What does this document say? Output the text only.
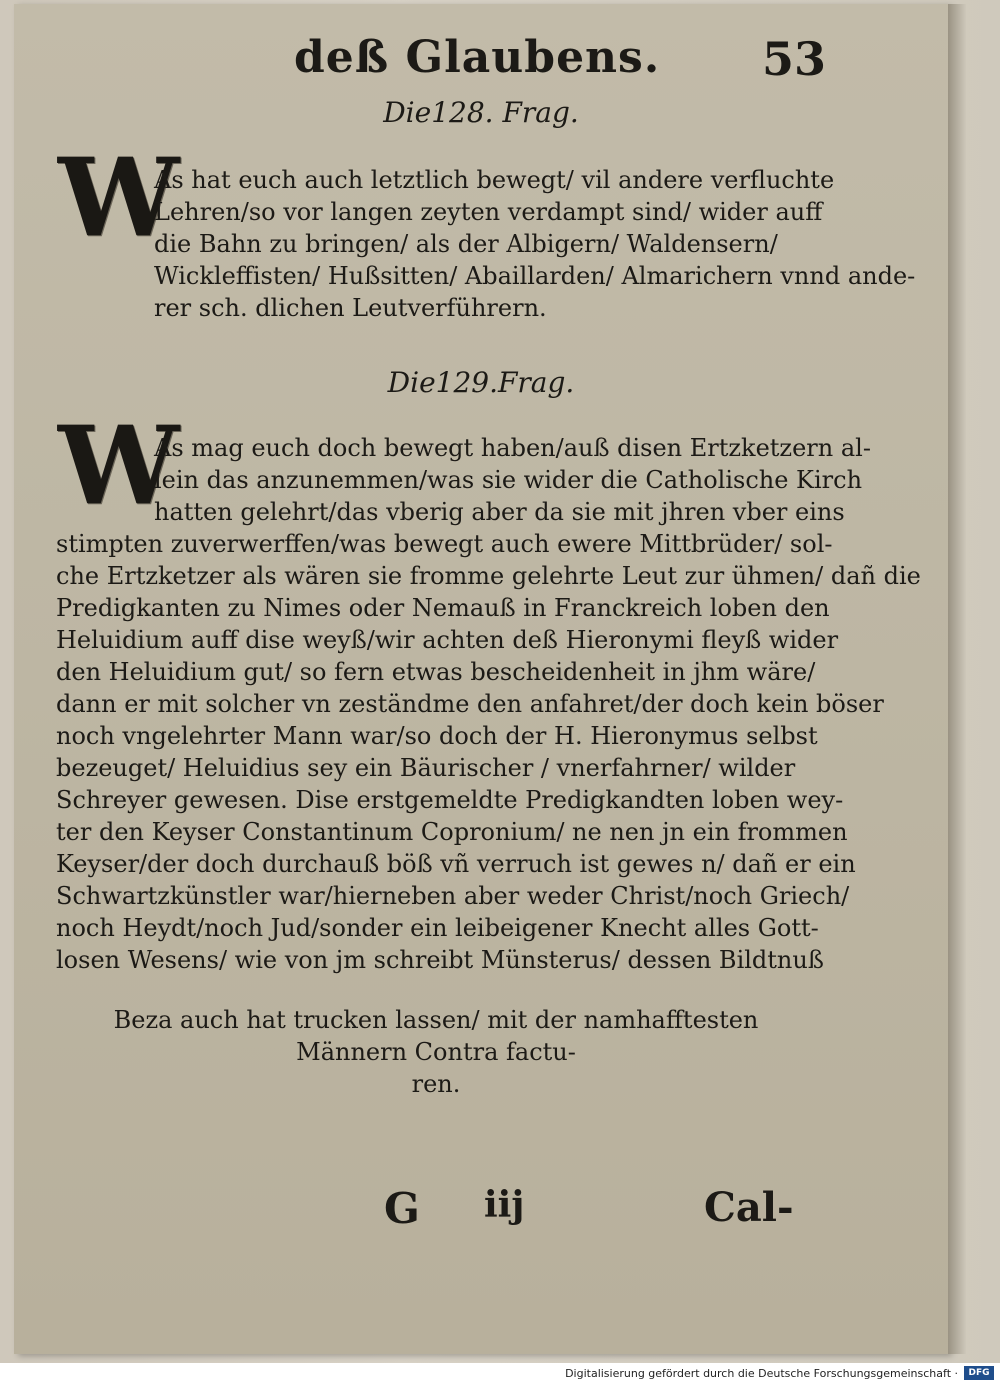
deß Glaubens. 53
Die128. Frag.
W
As hat euch auch letztlich bewegt/ vil andere verfluchte
Lehren/so vor langen zeyten verdampt sind/ wider auff
die Bahn zu bringen/ als der Albigern/ Waldensern/
Wickleffisten/ Hußsitten/ Abaillarden/ Almarichern vnnd ande-
rer sch. dlichen Leutverführern.
Die129.Frag.
W
As mag euch doch bewegt haben/auß disen Ertzketzern al-
lein das anzunemmen/was sie wider die Catholische Kirch
hatten gelehrt/das vberig aber da sie mit jhren vber eins
stimpten zuverwerffen/was bewegt auch ewere Mittbrüder/ sol-
che Ertzketzer als wären sie fromme gelehrte Leut zur ühmen/ dañ die
Predigkanten zu Nimes oder Nemauß in Franckreich loben den
Heluidium auff dise weyß/wir achten deß Hieronymi fleyß wider
den Heluidium gut/ so fern etwas bescheidenheit in jhm wäre/
dann er mit solcher vn zeständme den anfahret/der doch kein böser
noch vngelehrter Mann war/so doch der H. Hieronymus selbst
bezeuget/ Heluidius sey ein Bäurischer / vnerfahrner/ wilder
Schreyer gewesen. Dise erstgemeldte Predigkandten loben wey-
ter den Keyser Constantinum Copronium/ ne nen jn ein frommen
Keyser/der doch durchauß böß vñ verruch ist gewes n/ dañ er ein
Schwartzkünstler war/hierneben aber weder Christ/noch Griech/
noch Heydt/noch Jud/sonder ein leibeigener Knecht alles Gott-
losen Wesens/ wie von jm schreibt Münsterus/ dessen Bildtnuß
Beza auch hat trucken lassen/ mit der namhafftesten
Männern Contra factu-
ren.
G iij	Cal-
Digitalisierung gefördert durch die Deutsche Forschungsgemeinschaft ·	DFG
